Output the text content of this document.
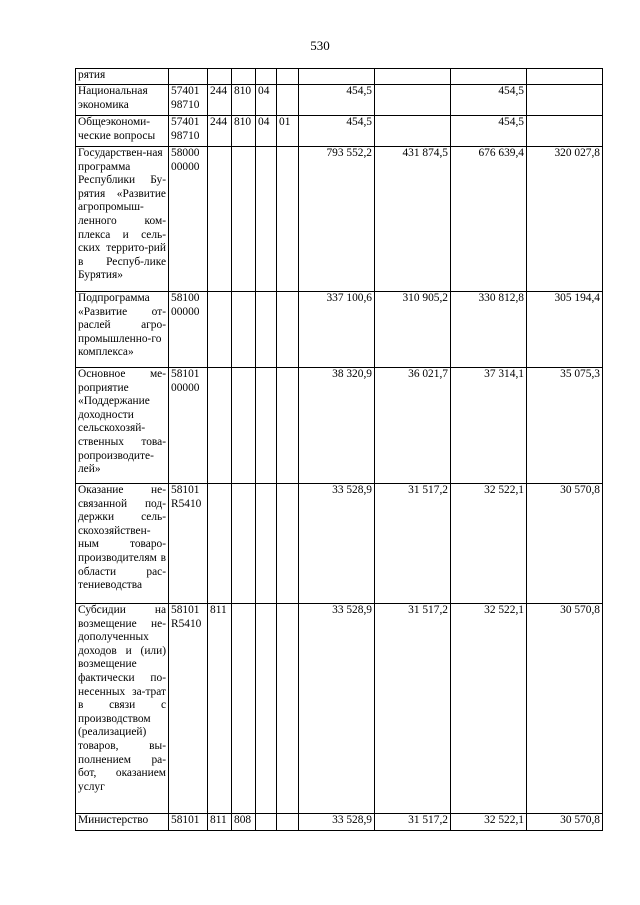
530
рятия									
Национальная экономика	57401 98710	244	810	04		454,5		454,5	
Общеэкономи-ческие вопросы	57401 98710	244	810	04	01	454,5		454,5	
Государствен-ная программа Республики Бу-рятия «Развитие агропромыш-ленного ком-плекса и сель-ских террито-рий в Респуб-лике Бурятия»	58000 00000					793 552,2	431 874,5	676 639,4	320 027,8
Подпрограмма «Развитие от-раслей агро-промышленно-го комплекса»	58100 00000					337 100,6	310 905,2	330 812,8	305 194,4
Основное ме-роприятие «Поддержание доходности сельскохозяй-ственных това-ропроизводите-лей»	58101 00000					38 320,9	36 021,7	37 314,1	35 075,3
Оказание не-связанной под-держки сель-скохозяйствен-ным товаро-производителям в области рас-тениеводства	58101 R5410					33 528,9	31 517,2	32 522,1	30 570,8
Субсидии на возмещение не-дополученных доходов и (или) возмещение фактически по-несенных за-трат в связи с производством (реализацией) товаров, вы-полнением ра-бот, оказанием услуг	58101 R5410	811				33 528,9	31 517,2	32 522,1	30 570,8
Министерство	58101	811	808			33 528,9	31 517,2	32 522,1	30 570,8
